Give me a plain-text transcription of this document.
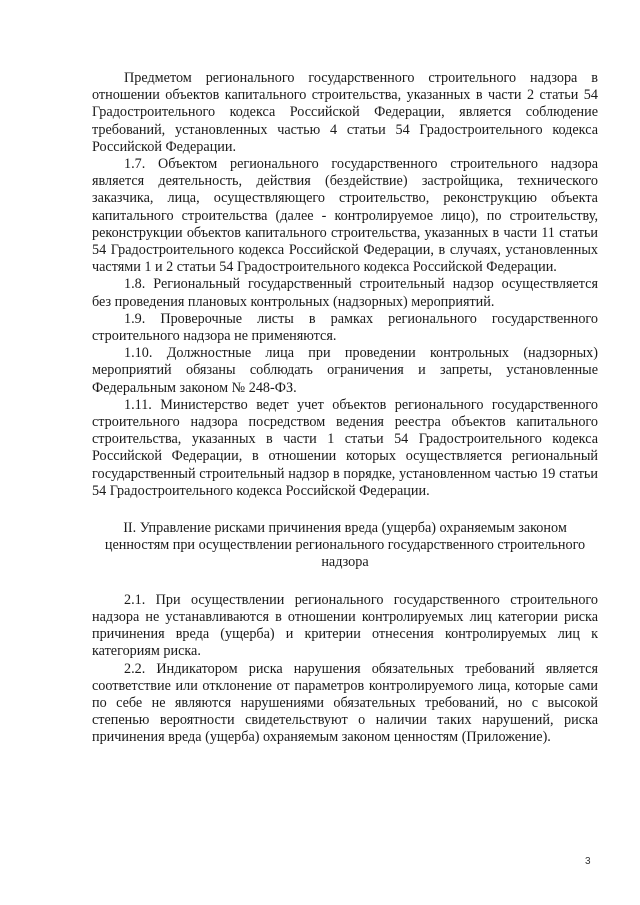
Предметом регионального государственного строительного надзора в отношении объектов капитального строительства, указанных в части 2 статьи 54 Градостроительного кодекса Российской Федерации, является соблюдение требований, установленных частью 4 статьи 54 Градостроительного кодекса Российской Федерации.

1.7. Объектом регионального государственного строительного надзора является деятельность, действия (бездействие) застройщика, технического заказчика, лица, осуществляющего строительство, реконструкцию объекта капитального строительства (далее - контролируемое лицо), по строительству, реконструкции объектов капитального строительства, указанных в части 11 статьи 54 Градостроительного кодекса Российской Федерации, в случаях, установленных частями 1 и 2 статьи 54 Градостроительного кодекса Российской Федерации.

1.8. Региональный государственный строительный надзор осуществляется без проведения плановых контрольных (надзорных) мероприятий.

1.9. Проверочные листы в рамках регионального государственного строительного надзора не применяются.

1.10. Должностные лица при проведении контрольных (надзорных) мероприятий обязаны соблюдать ограничения и запреты, установленные Федеральным законом № 248-ФЗ.

1.11. Министерство ведет учет объектов регионального государственного строительного надзора посредством ведения реестра объектов капитального строительства, указанных в части 1 статьи 54 Градостроительного кодекса Российской Федерации, в отношении которых осуществляется региональный государственный строительный надзор в порядке, установленном частью 19 статьи 54 Градостроительного кодекса Российской Федерации.

II. Управление рисками причинения вреда (ущерба) охраняемым законом ценностям при осуществлении регионального государственного строительного надзора

2.1. При осуществлении регионального государственного строительного надзора не устанавливаются в отношении контролируемых лиц категории риска причинения вреда (ущерба) и критерии отнесения контролируемых лиц к категориям риска.

2.2. Индикатором риска нарушения обязательных требований является соответствие или отклонение от параметров контролируемого лица, которые сами по себе не являются нарушениями обязательных требований, но с высокой степенью вероятности свидетельствуют о наличии таких нарушений, риска причинения вреда (ущерба) охраняемым законом ценностям (Приложение).

3
